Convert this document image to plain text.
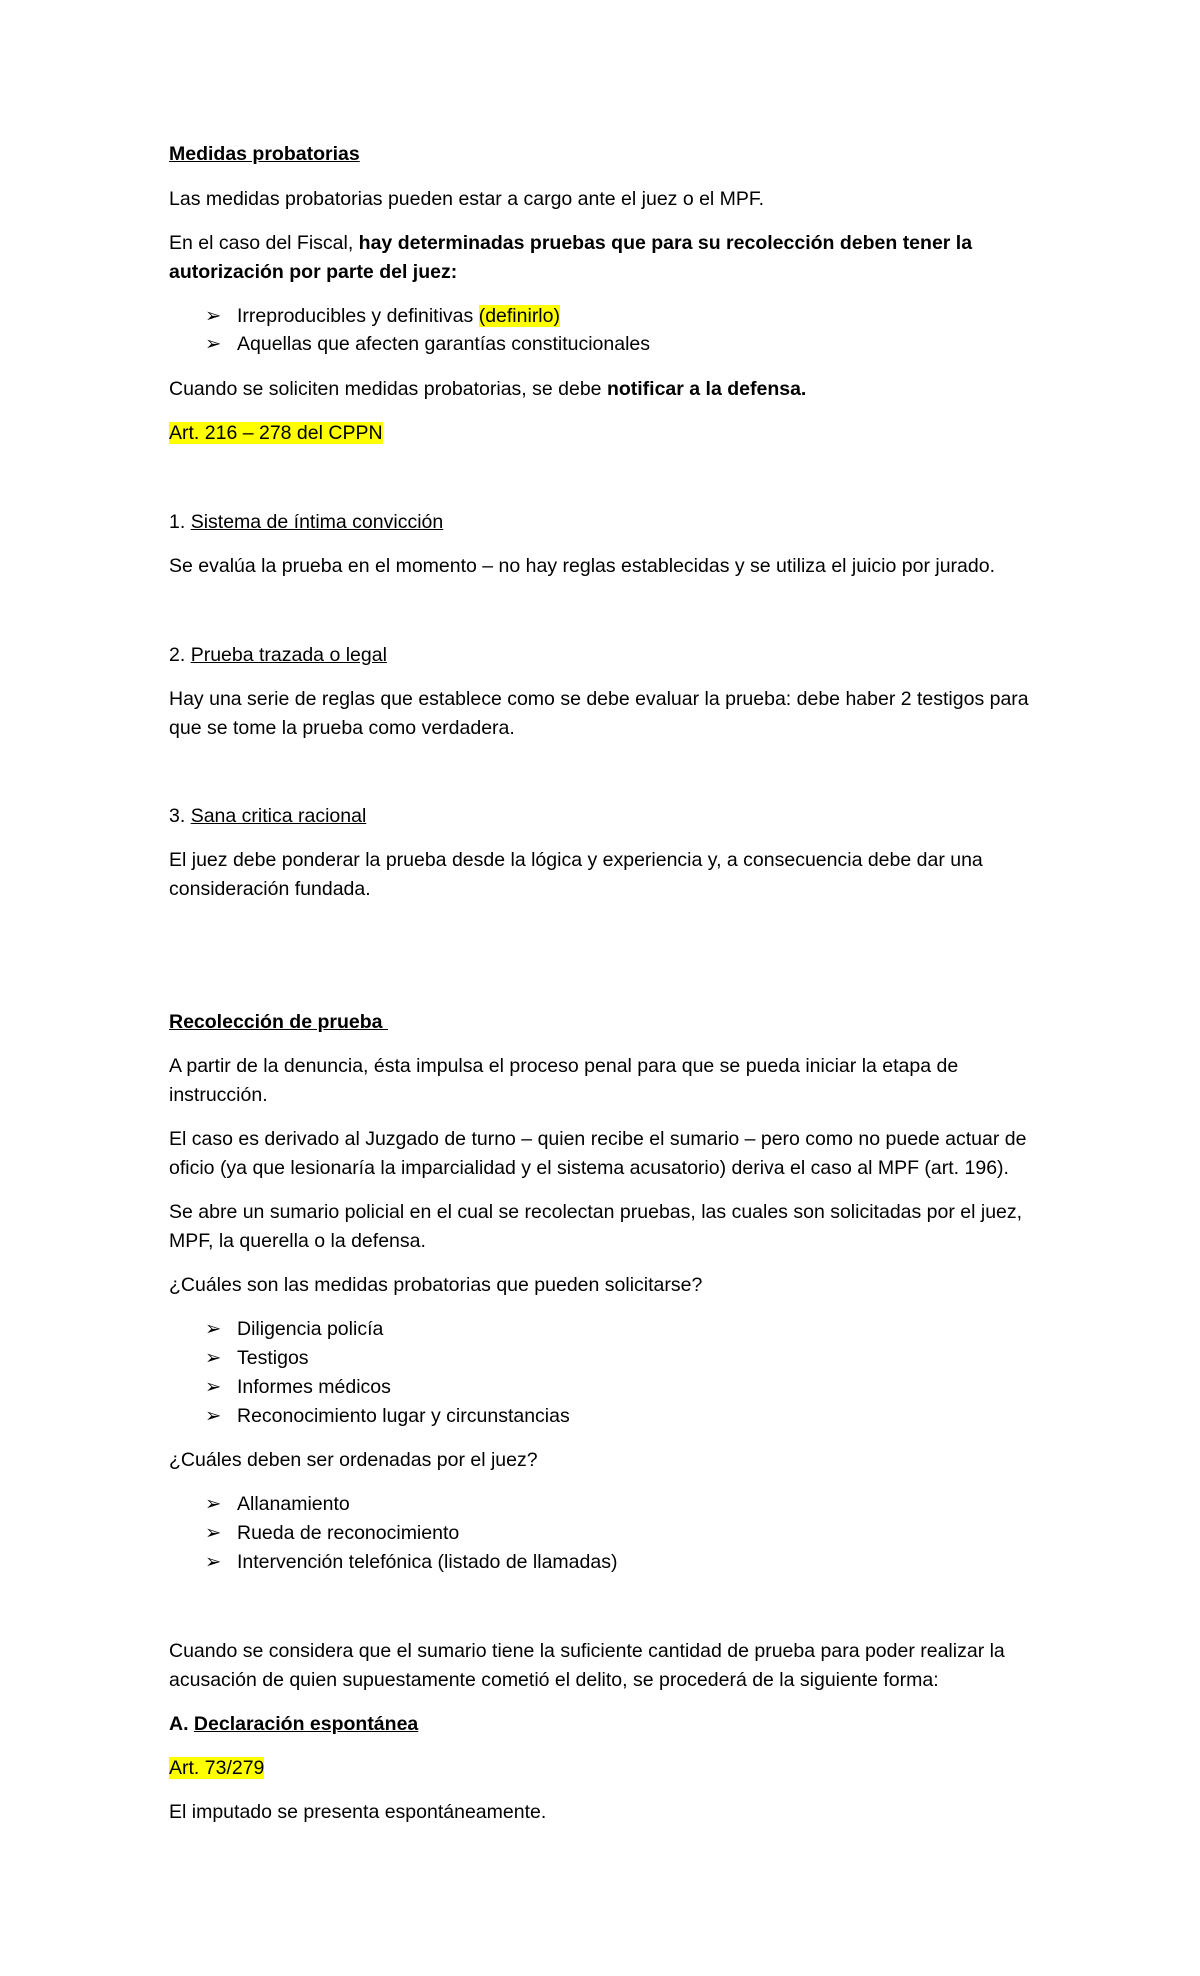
Medidas probatorias
Las medidas probatorias pueden estar a cargo ante el juez o el MPF.
En el caso del Fiscal, hay determinadas pruebas que para su recolección deben tener la
autorización por parte del juez:
➢ Irreproducibles y definitivas (definirlo)
➢ Aquellas que afecten garantías constitucionales
Cuando se soliciten medidas probatorias, se debe notificar a la defensa.
Art. 216 – 278 del CPPN
1. Sistema de íntima convicción
Se evalúa la prueba en el momento – no hay reglas establecidas y se utiliza el juicio por jurado.
2. Prueba trazada o legal
Hay una serie de reglas que establece como se debe evaluar la prueba: debe haber 2 testigos para
que se tome la prueba como verdadera.
3. Sana critica racional
El juez debe ponderar la prueba desde la lógica y experiencia y, a consecuencia debe dar una
consideración fundada.
Recolección de prueba
A partir de la denuncia, ésta impulsa el proceso penal para que se pueda iniciar la etapa de
instrucción.
El caso es derivado al Juzgado de turno – quien recibe el sumario – pero como no puede actuar de
oficio (ya que lesionaría la imparcialidad y el sistema acusatorio) deriva el caso al MPF (art. 196).
Se abre un sumario policial en el cual se recolectan pruebas, las cuales son solicitadas por el juez,
MPF, la querella o la defensa.
¿Cuáles son las medidas probatorias que pueden solicitarse?
➢ Diligencia policía
➢ Testigos
➢ Informes médicos
➢ Reconocimiento lugar y circunstancias
¿Cuáles deben ser ordenadas por el juez?
➢ Allanamiento
➢ Rueda de reconocimiento
➢ Intervención telefónica (listado de llamadas)
Cuando se considera que el sumario tiene la suficiente cantidad de prueba para poder realizar la
acusación de quien supuestamente cometió el delito, se procederá de la siguiente forma:
A. Declaración espontánea
Art. 73/279
El imputado se presenta espontáneamente.
